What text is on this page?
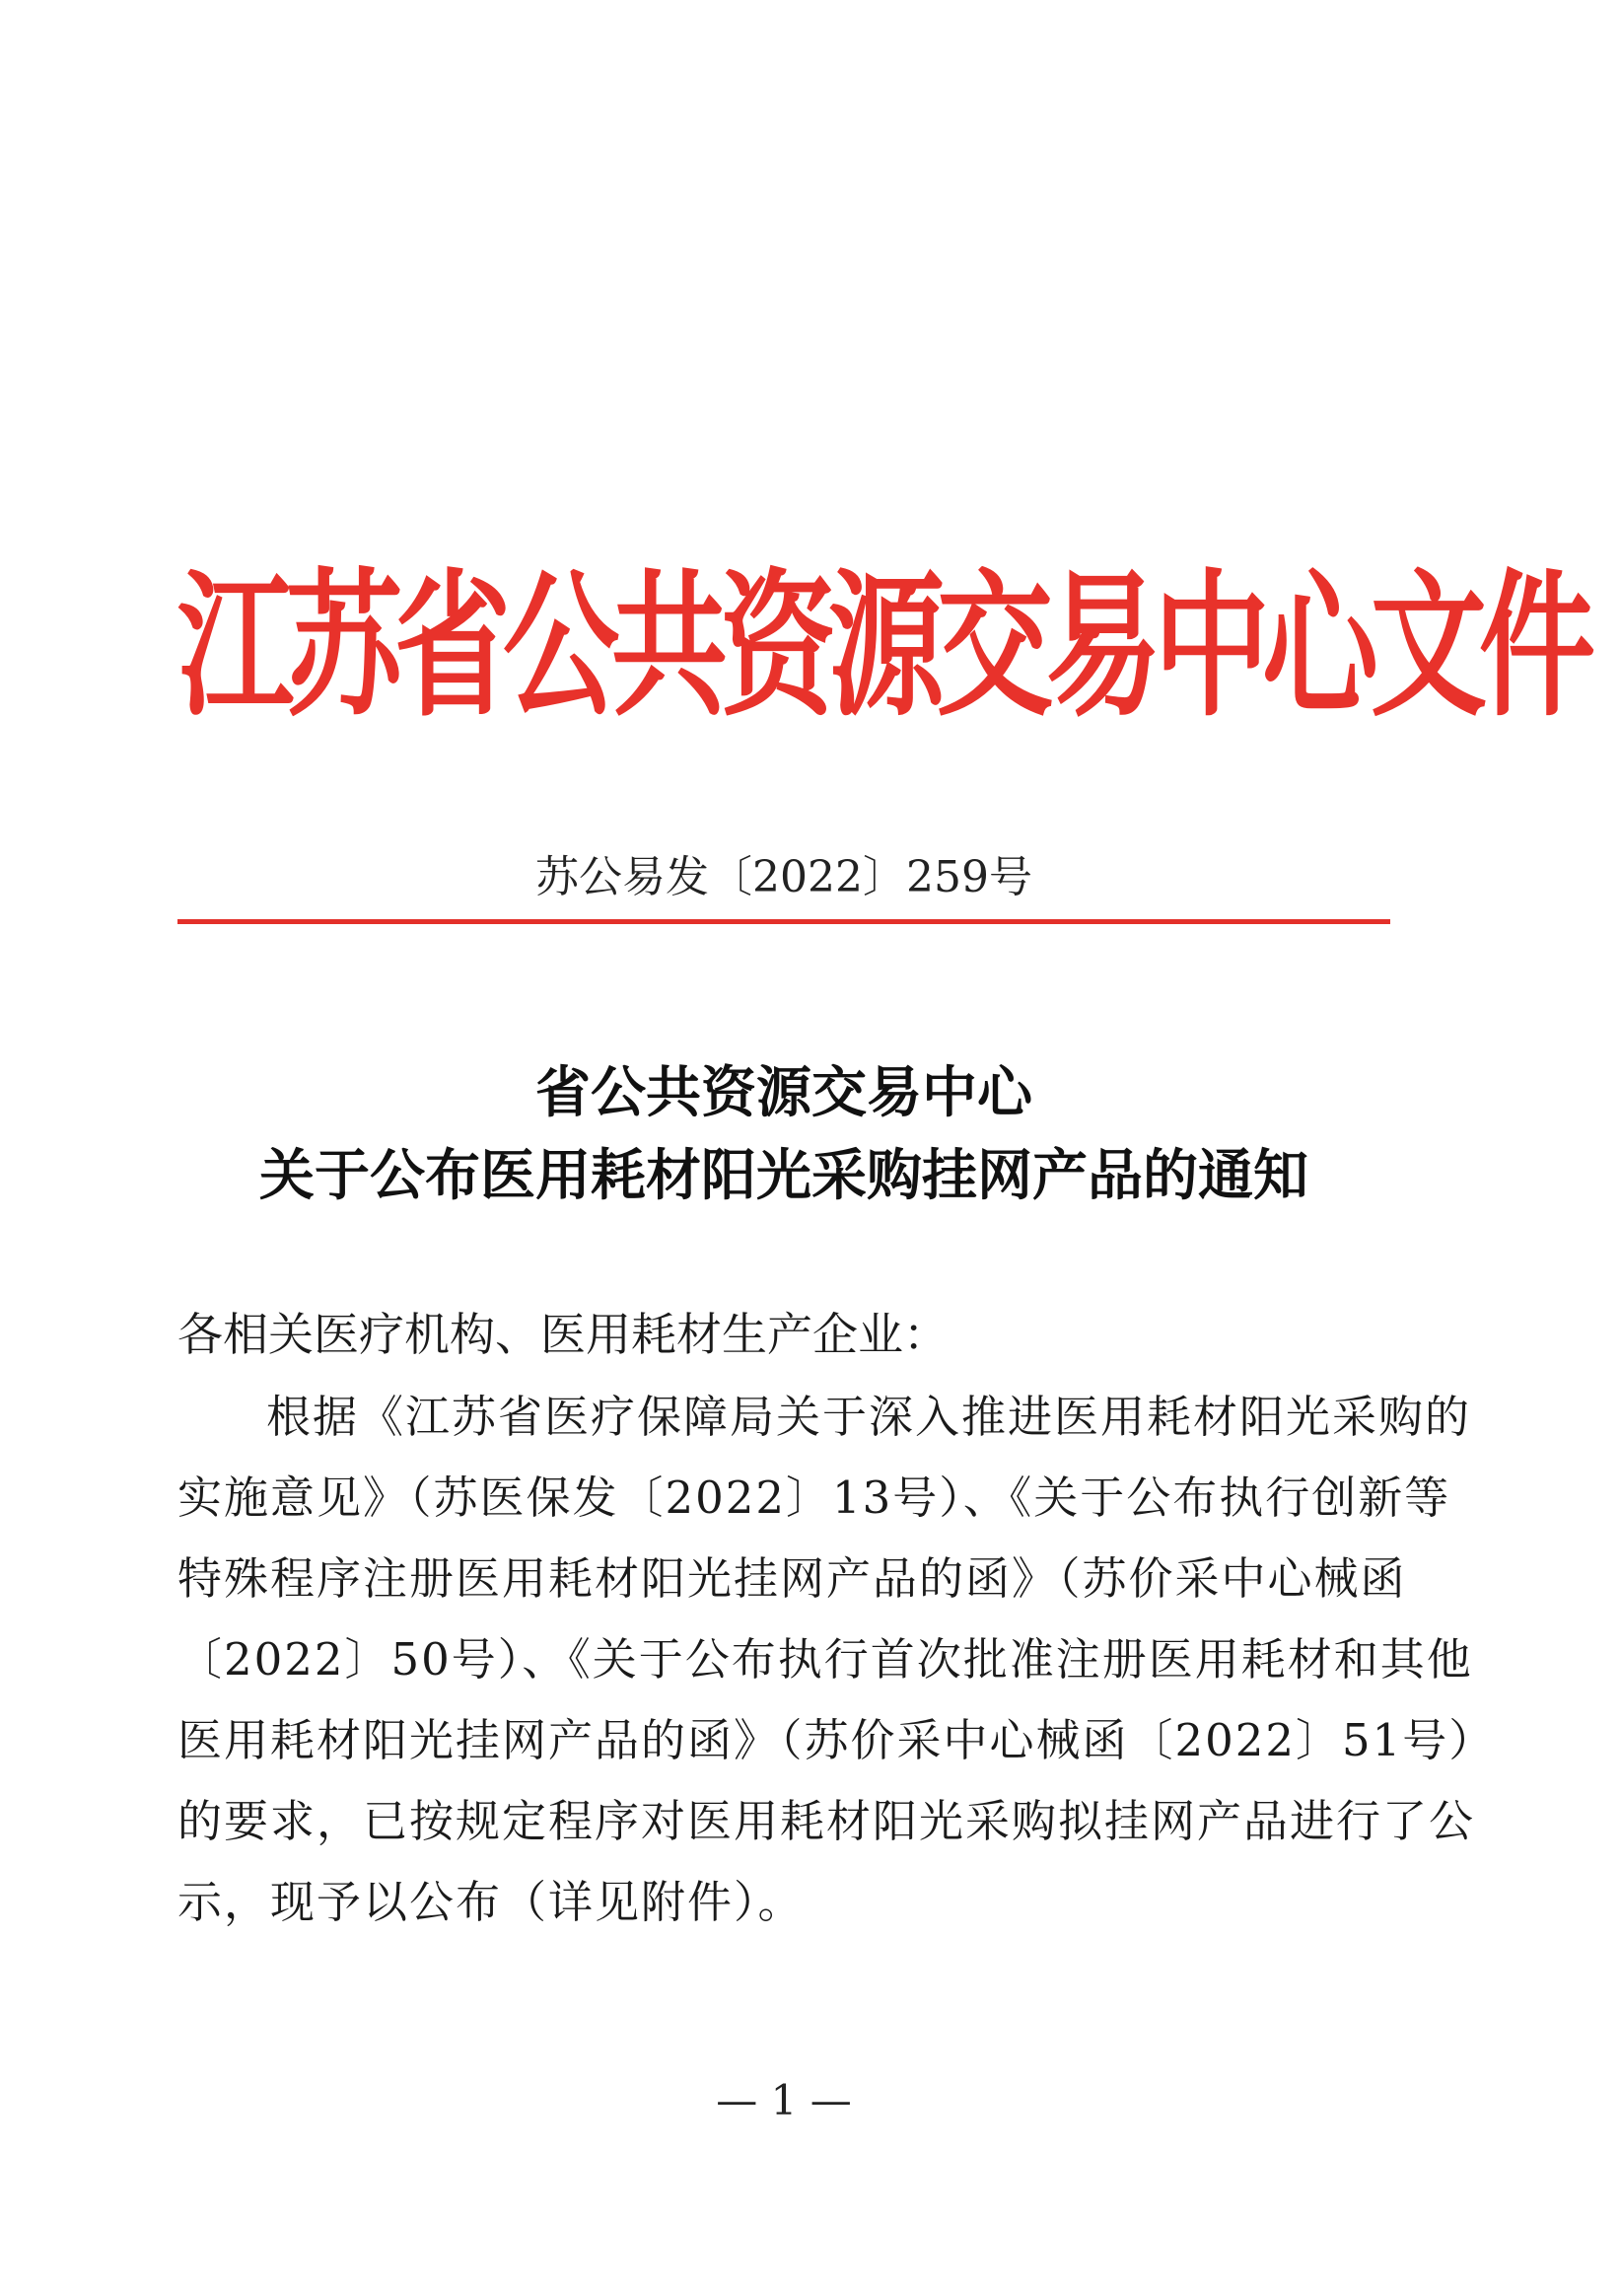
江苏省公共资源交易中心文件
苏公易发〔2022〕259号
省公共资源交易中心
关于公布医用耗材阳光采购挂网产品的通知
各相关医疗机构、医用耗材生产企业：
根据《江苏省医疗保障局关于深入推进医用耗材阳光采购的
实施意见》（苏医保发〔2022〕13号）、《关于公布执行创新等
特殊程序注册医用耗材阳光挂网产品的函》（苏价采中心械函
〔2022〕50号）、《关于公布执行首次批准注册医用耗材和其他
医用耗材阳光挂网产品的函》（苏价采中心械函〔2022〕51号）
的要求，已按规定程序对医用耗材阳光采购拟挂网产品进行了公
示，现予以公布（详见附件）。
— 1 —
